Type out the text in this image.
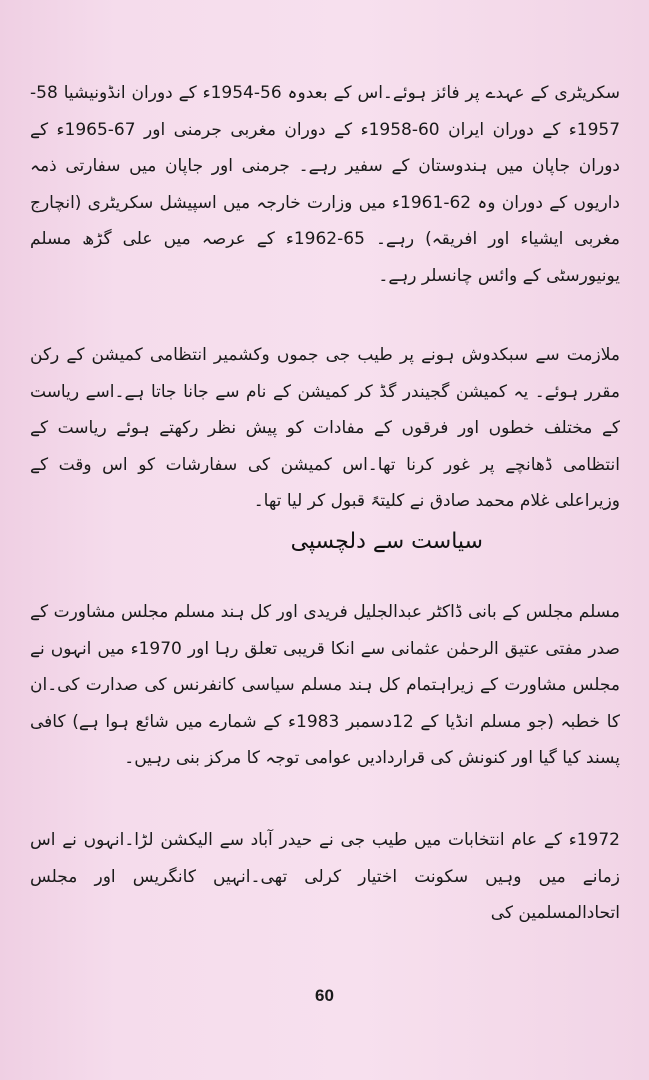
سکریٹری کے عہدے پر فائز ہوئے۔اس کے بعدوہ 56-1954ء کے دوران انڈونیشیا 58-1957ء کے دوران ایران 60-1958ء کے دوران مغربی جرمنی اور 67-1965ء کے دوران جاپان میں ہندوستان کے سفیر رہے۔ جرمنی اور جاپان میں سفارتی ذمہ داریوں کے دوران وہ 62-1961ء میں وزارت خارجہ میں اسپیشل سکریٹری (انچارج مغربی ایشیاء اور افریقہ) رہے۔ 65-1962ء کے عرصہ میں علی گڑھ مسلم یونیورسٹی کے وائس چانسلر رہے۔

ملازمت سے سبکدوش ہونے پر طیب جی جموں وکشمیر انتظامی کمیشن کے رکن مقرر ہوئے۔ یہ کمیشن گجیندر گڈ کر کمیشن کے نام سے جانا جاتا ہے۔اسے ریاست کے مختلف خطوں اور فرقوں کے مفادات کو پیش نظر رکھتے ہوئے ریاست کے انتظامی ڈھانچے پر غور کرنا تھا۔اس کمیشن کی سفارشات کو اس وقت کے وزیراعلی غلام محمد صادق نے کلیتہً قبول کر لیا تھا۔

سیاست سے دلچسپی

مسلم مجلس کے بانی ڈاکٹر عبدالجلیل فریدی اور کل ہند مسلم مجلس مشاورت کے صدر مفتی عتیق الرحمٰن عثمانی سے انکا قریبی تعلق رہا اور 1970ء میں انہوں نے مجلس مشاورت کے زیراہتمام کل ہند مسلم سیاسی کانفرنس کی صدارت کی۔ان کا خطبہ (جو مسلم انڈیا کے 12دسمبر 1983ء کے شمارے میں شائع ہوا ہے) کافی پسند کیا گیا اور کنونش کی قراردادیں عوامی توجہ کا مرکز بنی رہیں۔

1972ء کے عام انتخابات میں طیب جی نے حیدر آباد سے الیکشن لڑا۔انہوں نے اس زمانے میں وہیں سکونت اختیار کرلی تھی۔انہیں کانگریس اور مجلس اتحادالمسلمین کی

60
